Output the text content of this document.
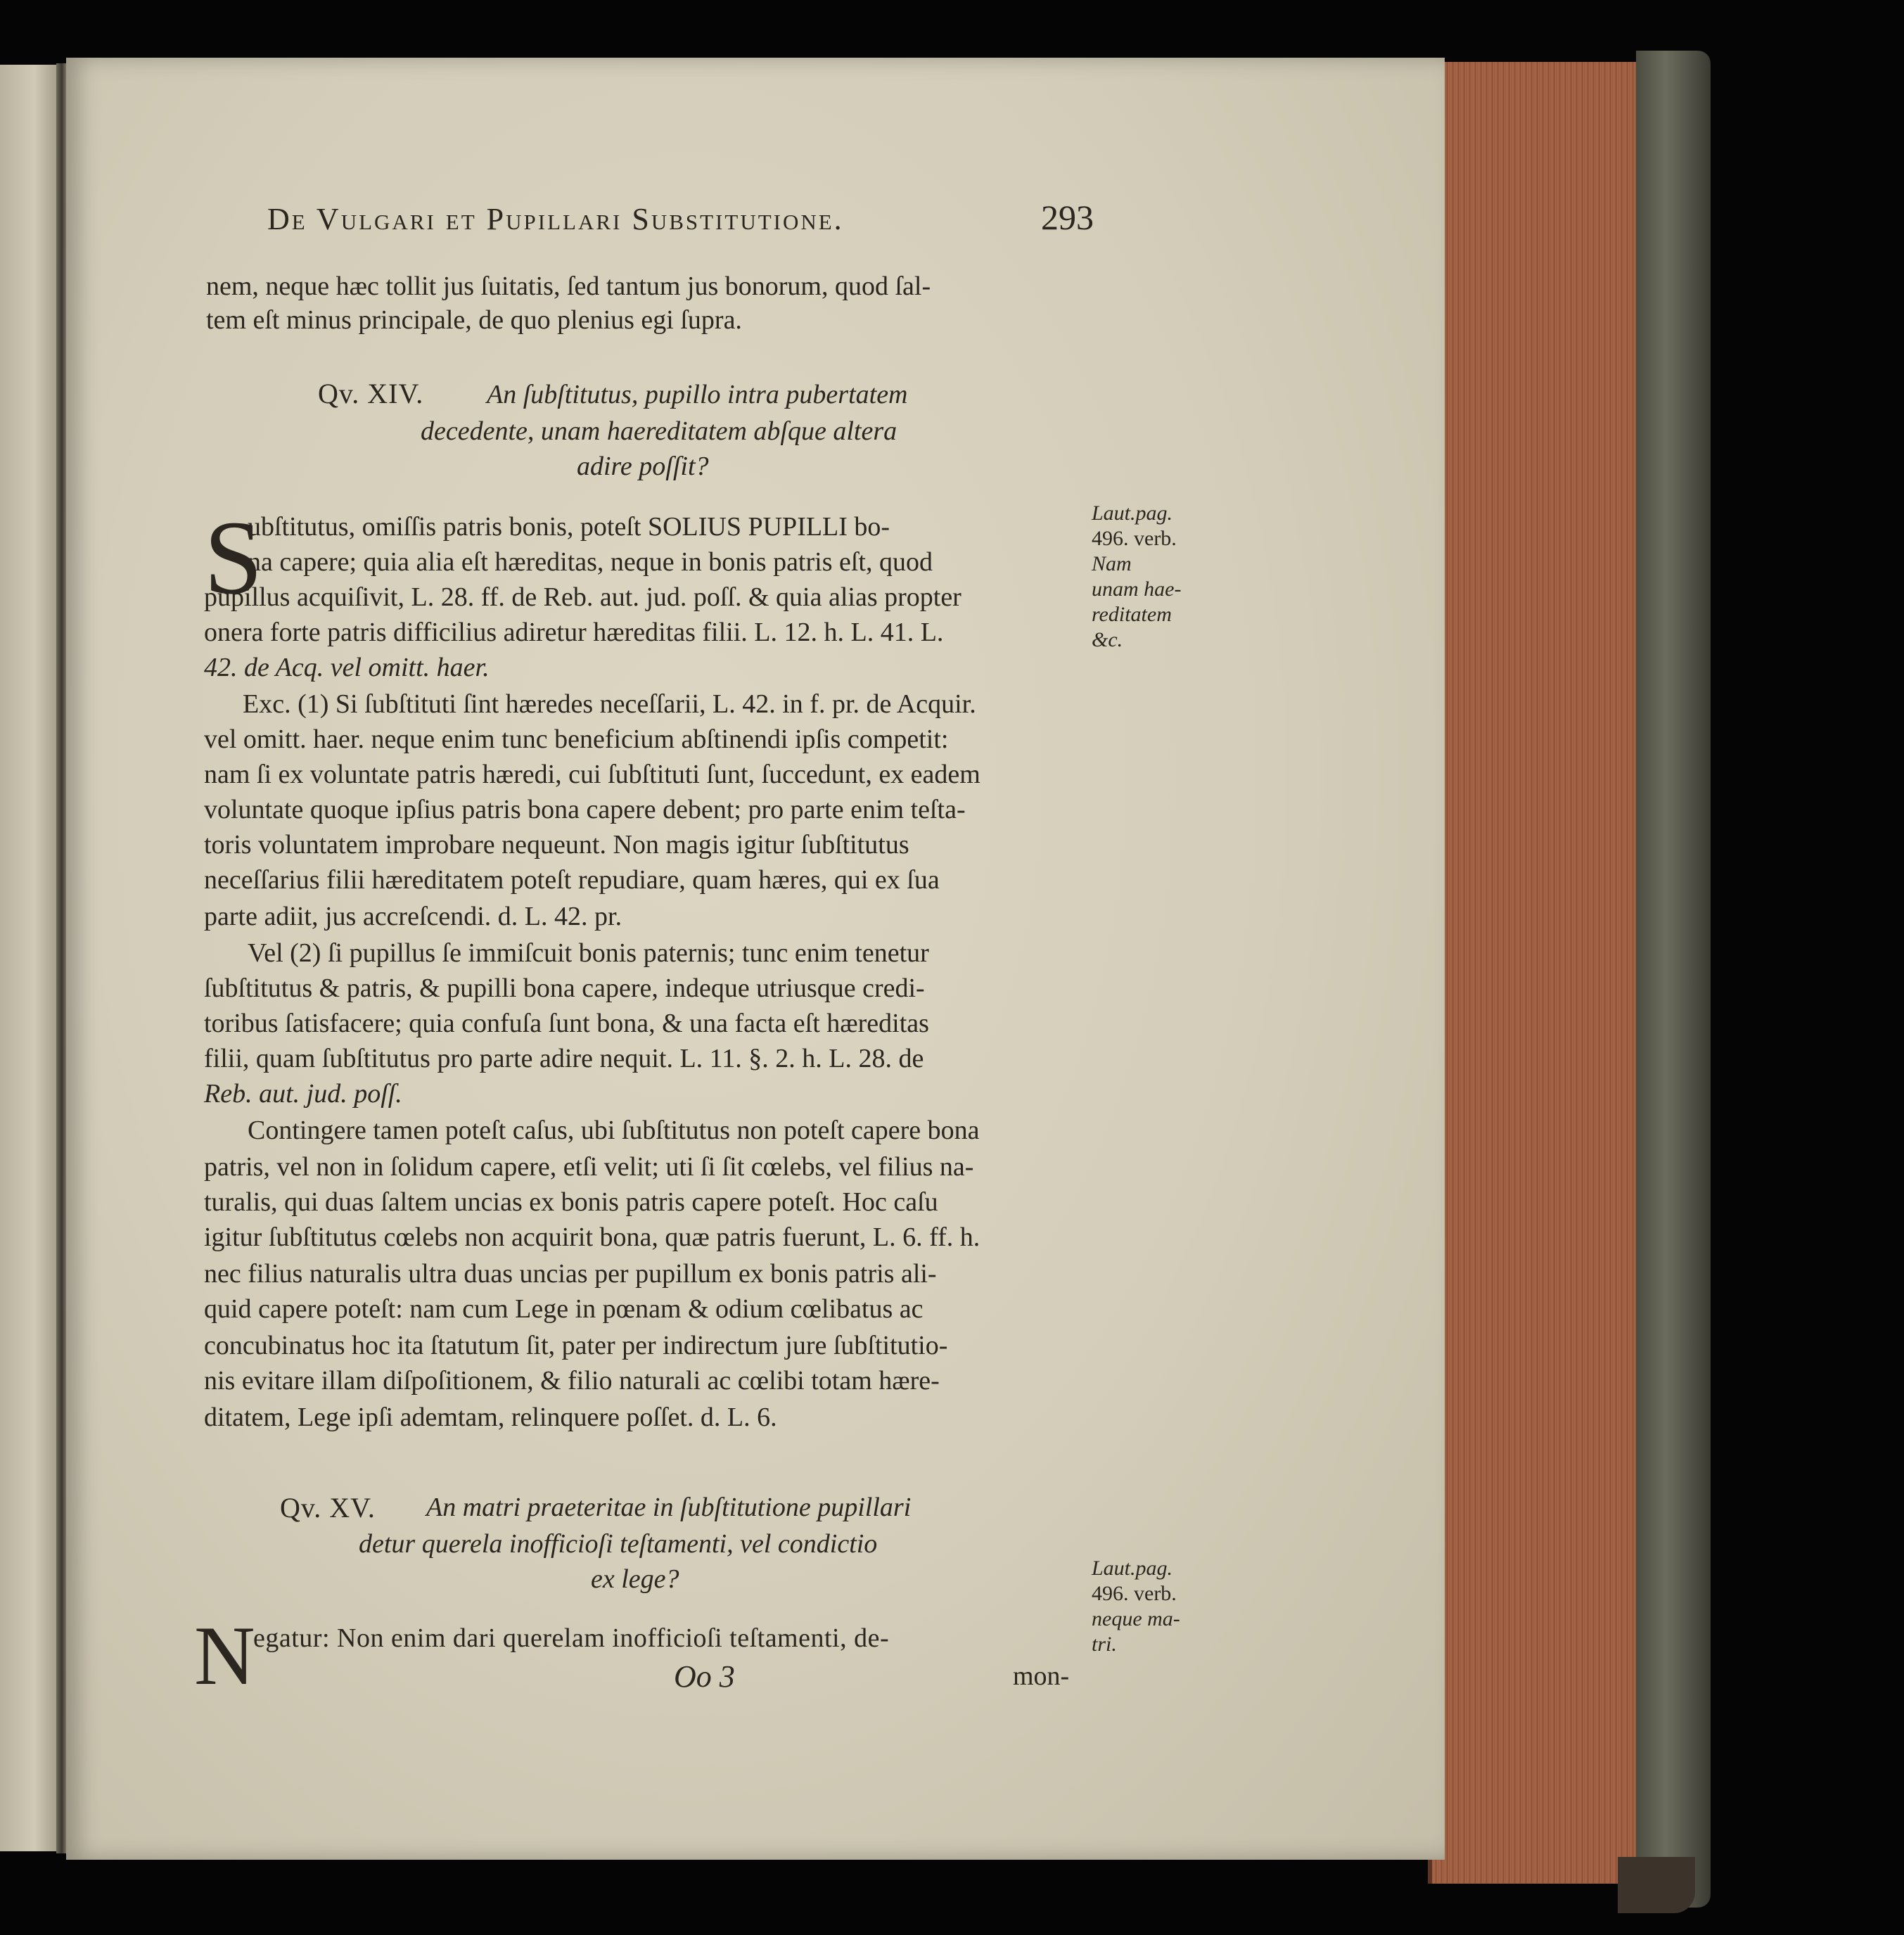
De Vulgari et Pupillari Substitutione.	293
nem, neque hæc tollit jus ſuitatis, ſed tantum jus bonorum, quod ſal-
tem eſt minus principale, de quo plenius egi ſupra.
Qv. XIV. An ſubſtitutus, pupillo intra pubertatem
decedente, unam haereditatem abſque altera
adire poſſit?
S
ubſtitutus, omiſſis patris bonis, poteſt SOLIUS PUPILLI bo-
na capere; quia alia eſt hæreditas, neque in bonis patris eſt, quod
pupillus acquiſivit, L. 28. ff. de Reb. aut. jud. poſſ. & quia alias propter
onera forte patris difficilius adiretur hæreditas filii. L. 12. h. L. 41. L.
42. de Acq. vel omitt. haer.
Exc. (1) Si ſubſtituti ſint hæredes neceſſarii, L. 42. in f. pr. de Acquir.
vel omitt. haer. neque enim tunc beneficium abſtinendi ipſis competit:
nam ſi ex voluntate patris hæredi, cui ſubſtituti ſunt, ſuccedunt, ex eadem
voluntate quoque ipſius patris bona capere debent; pro parte enim teſta-
toris voluntatem improbare nequeunt. Non magis igitur ſubſtitutus
neceſſarius filii hæreditatem poteſt repudiare, quam hæres, qui ex ſua
parte adiit, jus accreſcendi. d. L. 42. pr.
Vel (2) ſi pupillus ſe immiſcuit bonis paternis; tunc enim tenetur
ſubſtitutus & patris, & pupilli bona capere, indeque utriusque credi-
toribus ſatisfacere; quia confuſa ſunt bona, & una facta eſt hæreditas
filii, quam ſubſtitutus pro parte adire nequit. L. 11. §. 2. h. L. 28. de
Reb. aut. jud. poſſ.
Contingere tamen poteſt caſus, ubi ſubſtitutus non poteſt capere bona
patris, vel non in ſolidum capere, etſi velit; uti ſi ſit cœlebs, vel filius na-
turalis, qui duas ſaltem uncias ex bonis patris capere poteſt. Hoc caſu
igitur ſubſtitutus cœlebs non acquirit bona, quæ patris fuerunt, L. 6. ff. h.
nec filius naturalis ultra duas uncias per pupillum ex bonis patris ali-
quid capere poteſt: nam cum Lege in pœnam & odium cœlibatus ac
concubinatus hoc ita ſtatutum ſit, pater per indirectum jure ſubſtitutio-
nis evitare illam diſpoſitionem, & filio naturali ac cœlibi totam hære-
ditatem, Lege ipſi ademtam, relinquere poſſet. d. L. 6.
Qv. XV. An matri praeteritae in ſubſtitutione pupillari
detur querela inofficioſi teſtamenti, vel condictio
ex lege?
N
egatur: Non enim dari querelam inofficioſi teſtamenti, de-
Oo 3	mon-
Laut.pag.
496. verb.
Nam
unam hae-
reditatem
&c.
Laut.pag.
496. verb.
neque ma-
tri.
